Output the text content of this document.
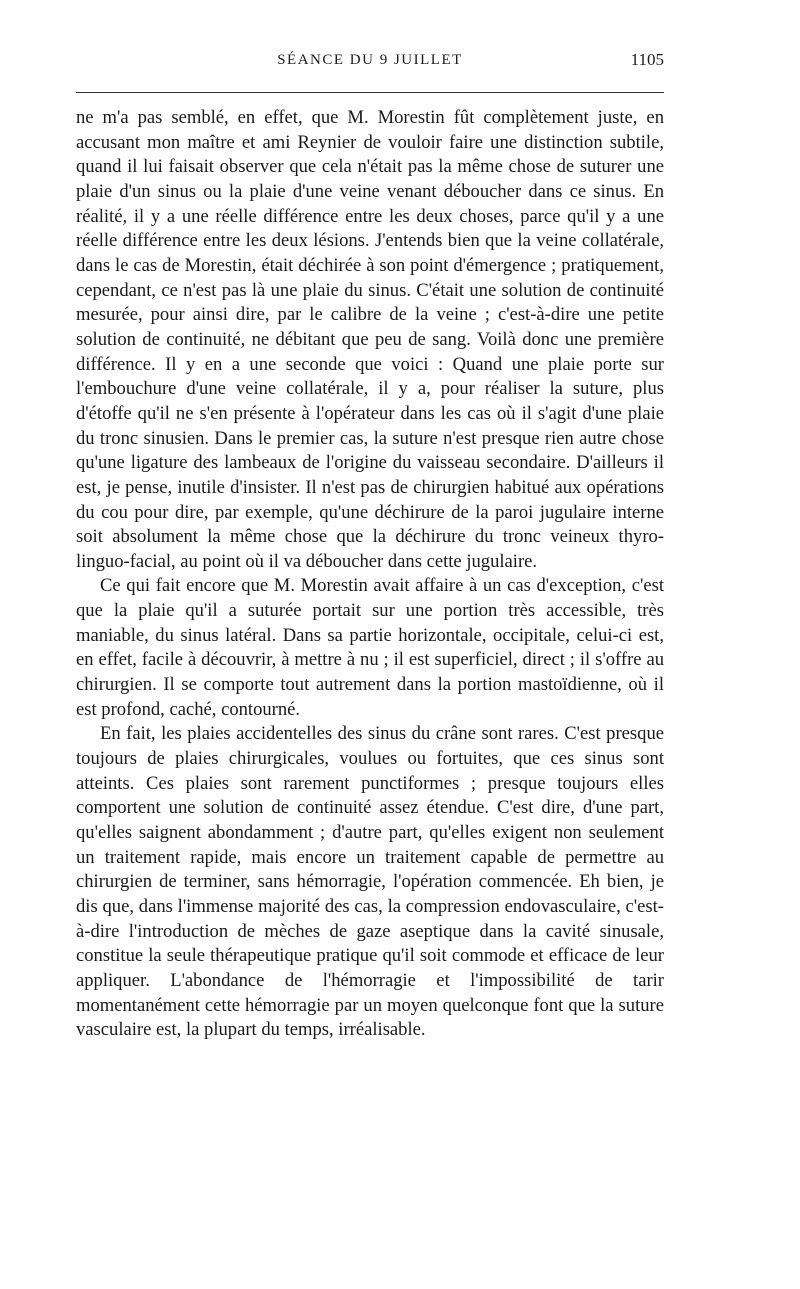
SÉANCE DU 9 JUILLET	1105

ne m'a pas semblé, en effet, que M. Morestin fût complètement juste, en accusant mon maître et ami Reynier de vouloir faire une distinction subtile, quand il lui faisait observer que cela n'était pas la même chose de suturer une plaie d'un sinus ou la plaie d'une veine venant déboucher dans ce sinus. En réalité, il y a une réelle différence entre les deux choses, parce qu'il y a une réelle différence entre les deux lésions. J'entends bien que la veine collatérale, dans le cas de Morestin, était déchirée à son point d'émergence ; pratiquement, cependant, ce n'est pas là une plaie du sinus. C'était une solution de continuité mesurée, pour ainsi dire, par le calibre de la veine ; c'est-à-dire une petite solution de continuité, ne débitant que peu de sang. Voilà donc une première différence. Il y en a une seconde que voici : Quand une plaie porte sur l'embouchure d'une veine collatérale, il y a, pour réaliser la suture, plus d'étoffe qu'il ne s'en présente à l'opérateur dans les cas où il s'agit d'une plaie du tronc sinusien. Dans le premier cas, la suture n'est presque rien autre chose qu'une ligature des lambeaux de l'origine du vaisseau secondaire. D'ailleurs il est, je pense, inutile d'insister. Il n'est pas de chirurgien habitué aux opérations du cou pour dire, par exemple, qu'une déchirure de la paroi jugulaire interne soit absolument la même chose que la déchirure du tronc veineux thyro-linguo-facial, au point où il va déboucher dans cette jugulaire.

Ce qui fait encore que M. Morestin avait affaire à un cas d'exception, c'est que la plaie qu'il a suturée portait sur une portion très accessible, très maniable, du sinus latéral. Dans sa partie horizontale, occipitale, celui-ci est, en effet, facile à découvrir, à mettre à nu ; il est superficiel, direct ; il s'offre au chirurgien. Il se comporte tout autrement dans la portion mastoïdienne, où il est profond, caché, contourné.

En fait, les plaies accidentelles des sinus du crâne sont rares. C'est presque toujours de plaies chirurgicales, voulues ou fortuites, que ces sinus sont atteints. Ces plaies sont rarement punctiformes ; presque toujours elles comportent une solution de continuité assez étendue. C'est dire, d'une part, qu'elles saignent abondamment ; d'autre part, qu'elles exigent non seulement un traitement rapide, mais encore un traitement capable de permettre au chirurgien de terminer, sans hémorragie, l'opération commencée. Eh bien, je dis que, dans l'immense majorité des cas, la compression endovasculaire, c'est-à-dire l'introduction de mèches de gaze aseptique dans la cavité sinusale, constitue la seule thérapeutique pratique qu'il soit commode et efficace de leur appliquer. L'abondance de l'hémorragie et l'impossibilité de tarir momentanément cette hémorragie par un moyen quelconque font que la suture vasculaire est, la plupart du temps, irréalisable.
